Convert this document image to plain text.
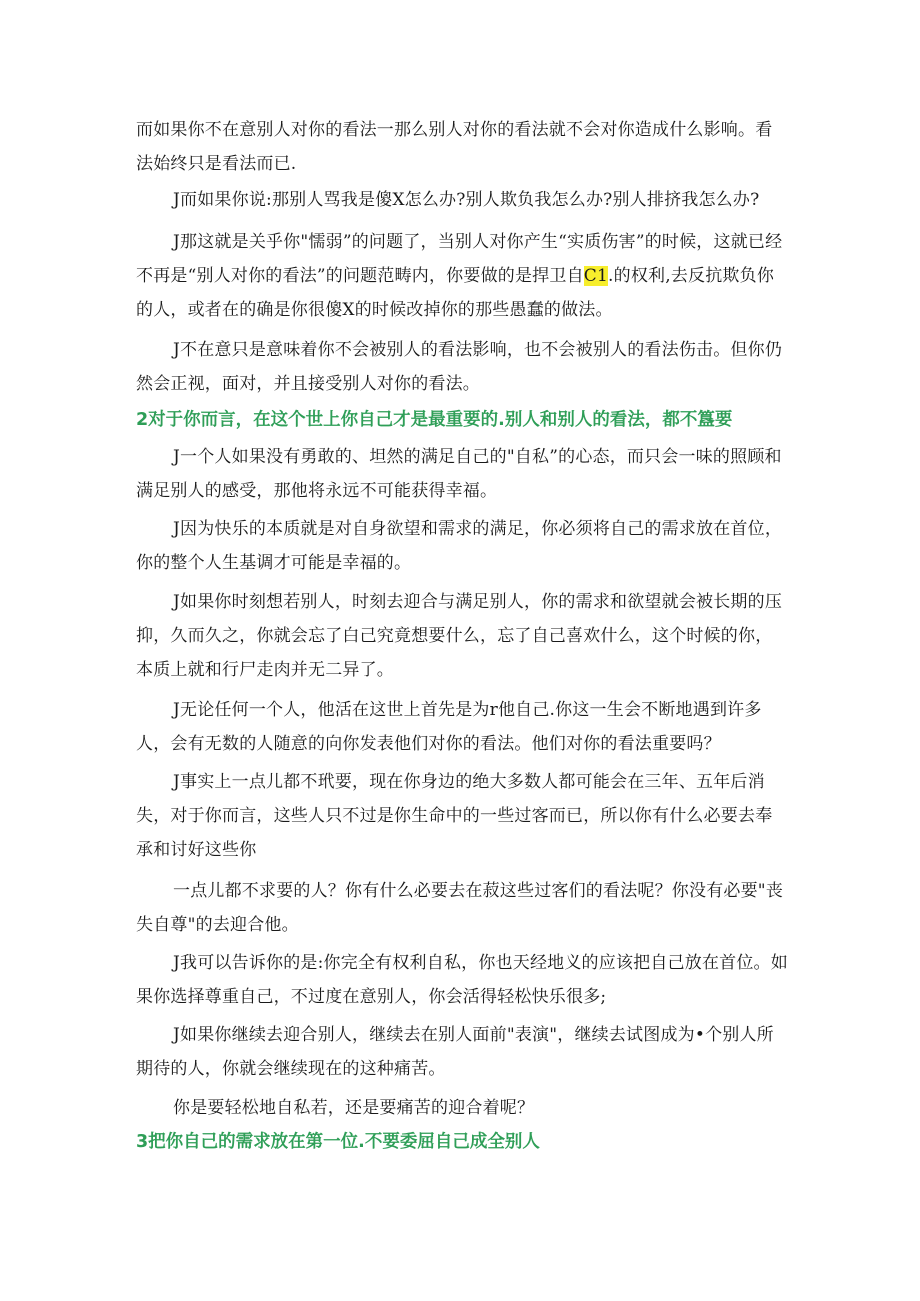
而如果你不在意别人对你的看法一那么别人对你的看法就不会对你造成什么影响。看法始终只是看法而已.

J而如果你说:那别人骂我是傻X怎么办?别人欺负我怎么办?别人排挤我怎么办?

J那这就是关乎你"懦弱”的问题了，当别人对你产生“实质伤害”的时候，这就已经不再是“别人对你的看法”的问题范畴内，你要做的是捍卫自C1.的权利,去反抗欺负你的人，或者在的确是你很傻X的时候改掉你的那些愚蠢的做法。

J不在意只是意味着你不会被别人的看法影响，也不会被别人的看法伤击。但你仍然会正视，面对，并且接受别人对你的看法。

2对于你而言，在这个世上你自己才是最重要的.别人和别人的看法，都不簋要

J一个人如果没有勇敢的、坦然的满足自己的"自私”的心态，而只会一味的照顾和满足别人的感受，那他将永远不可能获得幸福。

J因为快乐的本质就是对自身欲望和需求的满足，你必须将自己的需求放在首位，你的整个人生基调才可能是幸福的。

J如果你时刻想若别人，时刻去迎合与满足别人，你的需求和欲望就会被长期的压抑，久而久之，你就会忘了白己究竟想要什么，忘了自己喜欢什么，这个时候的你，本质上就和行尸走肉并无二异了。

J无论任何一个人，他活在这世上首先是为r他自己.你这一生会不断地遇到许多人，会有无数的人随意的向你发表他们对你的看法。他们对你的看法重要吗？

J事实上一点儿都不玳要，现在你身边的绝大多数人都可能会在三年、五年后消失，对于你而言，这些人只不过是你生命中的一些过客而已，所以你有什么必要去奉承和讨好这些你

一点儿都不求要的人？你有什么必要去在菽这些过客们的看法呢？你没有必要"丧失自尊"的去迎合他。

J我可以告诉你的是:你完全有权利自私，你也天经地义的应该把自己放在首位。如果你选择尊重自己，不过度在意别人，你会活得轻松快乐很多;

J如果你继续去迎合别人，继续去在别人面前"表演"，继续去试图成为•个别人所期待的人，你就会继续现在的这种痛苦。

你是要轻松地自私若，还是要痛苦的迎合着呢？

3把你自己的需求放在第一位.不要委屈自己成全别人
